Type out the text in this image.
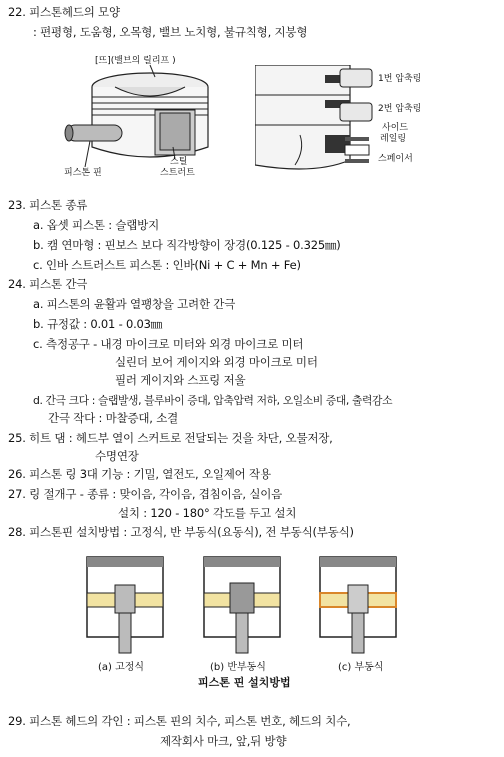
22. 피스톤헤드의 모양
: 편평형, 도움형, 오목형, 밸브 노치형, 불규칙형, 지붕형
[뜨](밸브의 릴리프 )
피스톤 핀
스틸
스트러트
1번 압축링
2번 압축링
사이드
레일링
스페이서
23. 피스톤 종류
a. 옵셋 피스톤 : 슬랩방지
b. 캠 연마형 : 핀보스 보다 직각방향이 장경(0.125 - 0.325㎜)
c. 인바 스트러스트 피스톤 : 인바(Ni + C + Mn + Fe)
24. 피스톤 간극
a. 피스톤의 윤활과 열팽창을 고려한 간극
b. 규정값 : 0.01 - 0.03㎜
c. 측정공구 - 내경 마이크로 미터와 외경 마이크로 미터
실린더 보어 게이지와 외경 마이크로 미터
필러 게이지와 스프링 저울
d. 간극 크다 : 슬랩발생, 블루바이 증대, 압축압력 저하, 오일소비 증대, 출력감소
간극 작다 : 마찰증대, 소결
25. 히트 댐 : 헤드부 열이 스커트로 전달되는 것을 차단, 오물저장,
수명연장
26. 피스톤 링 3대 기능 : 기밀, 열전도, 오일제어 작용
27. 링 절개구 - 종류 : 맞이음, 각이음, 겹침이음, 실이음
설치 : 120 - 180° 각도를 두고 설치
28. 피스톤핀 설치방법 : 고정식, 반 부동식(요동식), 전 부동식(부동식)
(a) 고정식	(b) 반부동식	(c) 부동식
피스톤 핀 설치방법
29. 피스톤 헤드의 각인 : 피스톤 핀의 치수, 피스톤 번호, 헤드의 치수,
제작회사 마크, 앞,뒤 방향
